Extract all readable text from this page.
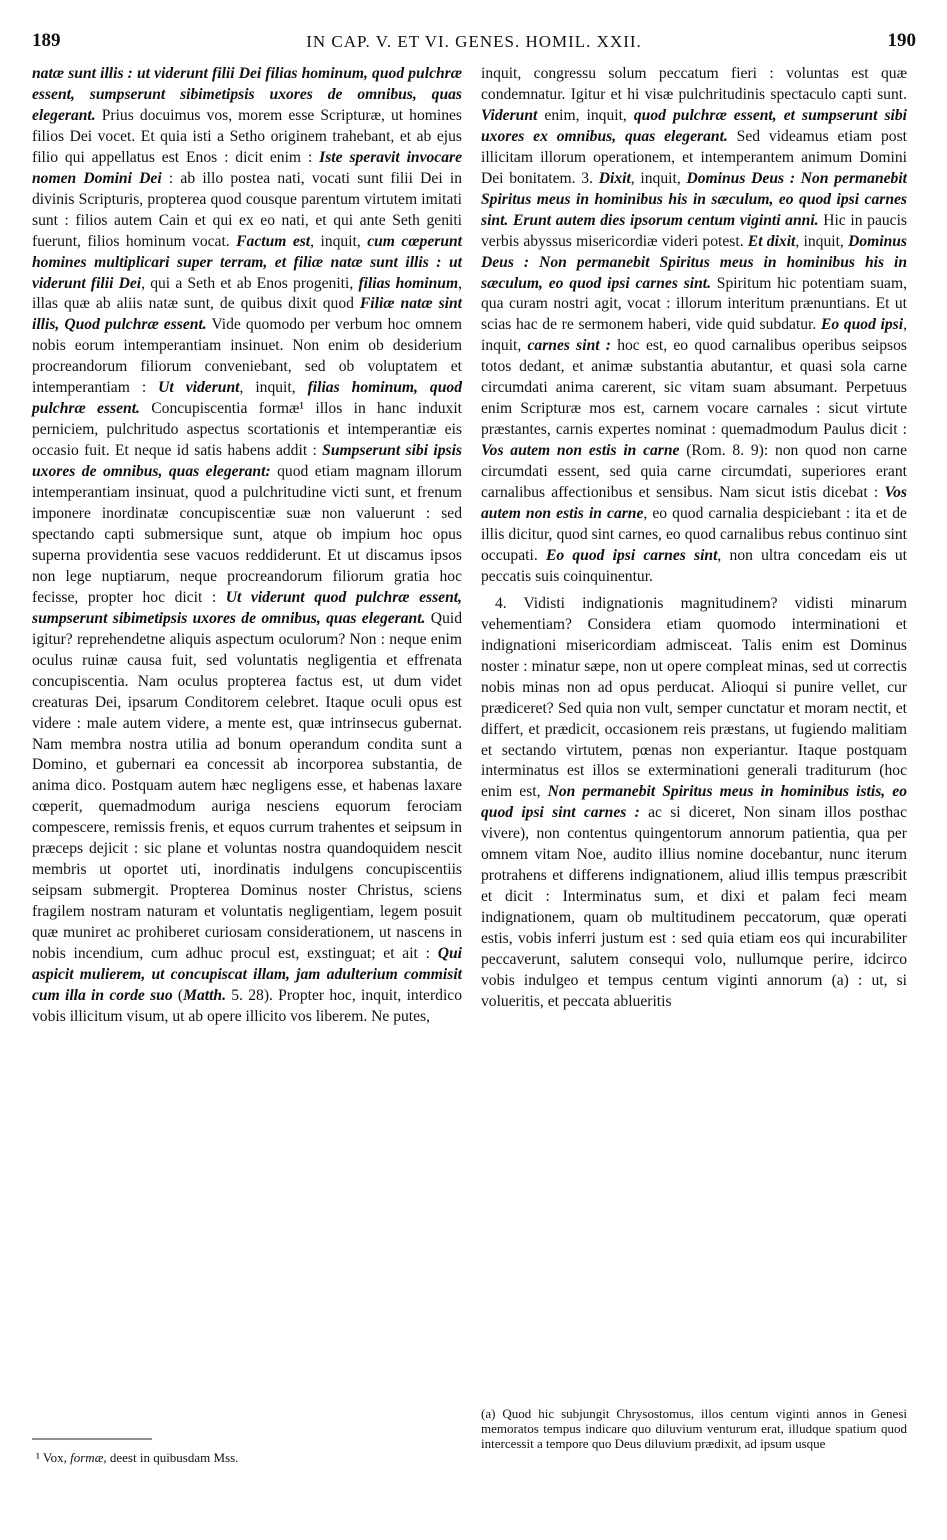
189	IN CAP. V. ET VI. GENES. HOMIL. XXII.	190

natæ sunt illis : ut viderunt filii Dei filias hominum, quod pulchræ essent, sumpserunt sibimetipsis uxores de omnibus, quas elegerant. Prius docuimus vos, morem esse Scripturæ, ut homines filios Dei vocet. Et quia isti a Setho originem trahebant, et ab ejus filio qui appellatus est Enos : dicit enim : Iste speravit invocare nomen Domini Dei : ab illo postea nati, vocati sunt filii Dei in divinis Scripturis, propterea quod cousque parentum virtutem imitati sunt : filios autem Cain et qui ex eo nati, et qui ante Seth geniti fuerunt, filios hominum vocat. Factum est, inquit, cum cœperunt homines multiplicari super terram, et filiæ natæ sunt illis : ut viderunt filii Dei, qui a Seth et ab Enos progeniti, filias hominum, illas quæ ab aliis natæ sunt, de quibus dixit quod Filiæ natæ sint illis, Quod pulchræ essent. Vide quomodo per verbum hoc omnem nobis eorum intemperantiam insinuet. Non enim ob desiderium procreandorum filiorum conveniebant, sed ob voluptatem et intemperantiam : Ut viderunt, inquit, filias hominum, quod pulchræ essent. Concupiscentia formæ¹ illos in hanc induxit perniciem, pulchritudo aspectus scortationis et intemperantiæ eis occasio fuit. Et neque id satis habens addit : Sumpserunt sibi ipsis uxores de omnibus, quas elegerant: quod etiam magnam illorum intemperantiam insinuat, quod a pulchritudine victi sunt, et frenum imponere inordinatæ concupiscentiæ suæ non valuerunt : sed spectando capti submersique sunt, atque ob impium hoc opus superna providentia sese vacuos reddiderunt. Et ut discamus ipsos non lege nuptiarum, neque procreandorum filiorum gratia hoc fecisse, propter hoc dicit : Ut viderunt quod pulchræ essent, sumpserunt sibimetipsis uxores de omnibus, quas elegerant. Quid igitur? reprehendetne aliquis aspectum oculorum? Non : neque enim oculus ruinæ causa fuit, sed voluntatis negligentia et effrenata concupiscentia. Nam oculus propterea factus est, ut dum videt creaturas Dei, ipsarum Conditorem celebret. Itaque oculi opus est videre : male autem videre, a mente est, quæ intrinsecus gubernat. Nam membra nostra utilia ad bonum operandum condita sunt a Domino, et gubernari ea concessit ab incorporea substantia, de anima dico. Postquam autem hæc negligens esse, et habenas laxare cœperit, quemadmodum auriga nesciens equorum ferociam compescere, remissis frenis, et equos currum trahentes et seipsum in præceps dejicit : sic plane et voluntas nostra quandoquidem nescit membris ut oportet uti, inordinatis indulgens concupiscentiis seipsam submergit. Propterea Dominus noster Christus, sciens fragilem nostram naturam et voluntatis negligentiam, legem posuit quæ muniret ac prohiberet curiosam considerationem, ut nascens in nobis incendium, cum adhuc procul est, exstinguat; et ait : Qui aspicit mulierem, ut concupiscat illam, jam adulterium commisit cum illa in corde suo (Matth. 5. 28). Propter hoc, inquit, interdico vobis illicitum visum, ut ab opere illicito vos liberem. Ne putes,

inquit, congressu solum peccatum fieri : voluntas est quæ condemnatur. Igitur et hi visæ pulchritudinis spectaculo capti sunt. Viderunt enim, inquit, quod pulchræ essent, et sumpserunt sibi uxores ex omnibus, quas elegerant. Sed videamus etiam post illicitam illorum operationem, et intemperantem animum Domini Dei bonitatem. 3. Dixit, inquit, Dominus Deus : Non permanebit Spiritus meus in hominibus his in sæculum, eo quod ipsi carnes sint. Erunt autem dies ipsorum centum viginti anni. Hic in paucis verbis abyssus misericordiæ videri potest. Et dixit, inquit, Dominus Deus : Non permanebit Spiritus meus in hominibus his in sæculum, eo quod ipsi carnes sint. Spiritum hic potentiam suam, qua curam nostri agit, vocat : illorum interitum prænuntians. Et ut scias hac de re sermonem haberi, vide quid subdatur. Eo quod ipsi, inquit, carnes sint : hoc est, eo quod carnalibus operibus seipsos totos dedant, et animæ substantia abutantur, et quasi sola carne circumdati anima carerent, sic vitam suam absumant. Perpetuus enim Scripturæ mos est, carnem vocare carnales : sicut virtute præstantes, carnis expertes nominat : quemadmodum Paulus dicit : Vos autem non estis in carne (Rom. 8. 9): non quod non carne circumdati essent, sed quia carne circumdati, superiores erant carnalibus affectionibus et sensibus. Nam sicut istis dicebat : Vos autem non estis in carne, eo quod carnalia despiciebant : ita et de illis dicitur, quod sint carnes, eo quod carnalibus rebus continuo sint occupati. Eo quod ipsi carnes sint, non ultra concedam eis ut peccatis suis coinquinentur.

4. Vidisti indignationis magnitudinem? vidisti minarum vehementiam? Considera etiam quomodo interminationi et indignationi misericordiam admisceat. Talis enim est Dominus noster : minatur sæpe, non ut opere compleat minas, sed ut correctis nobis minas non ad opus perducat. Alioqui si punire vellet, cur prædiceret? Sed quia non vult, semper cunctatur et moram nectit, et differt, et prædicit, occasionem reis præstans, ut fugiendo malitiam et sectando virtutem, pœnas non experiantur. Itaque postquam interminatus est illos se exterminationi generali traditurum (hoc enim est, Non permanebit Spiritus meus in hominibus istis, eo quod ipsi sint carnes : ac si diceret, Non sinam illos posthac vivere), non contentus quingentorum annorum patientia, qua per omnem vitam Noe, audito illius nomine docebantur, nunc iterum protrahens et differens indignationem, aliud illis tempus præscribit et dicit : Interminatus sum, et dixi et palam feci meam indignationem, quam ob multitudinem peccatorum, quæ operati estis, vobis inferri justum est : sed quia etiam eos qui incurabiliter peccaverunt, salutem consequi volo, nullumque perire, idcirco vobis indulgeo et tempus centum viginti annorum (a) : ut, si volueritis, et peccata ablueritis

¹ Vox, formæ, deest in quibusdam Mss.
(a) Quod hic subjungit Chrysostomus, illos centum viginti annos in Genesi memoratos tempus indicare quo diluvium venturum erat, illudque spatium quod intercessit a tempore quo Deus diluvium prædixit, ad ipsum usque
